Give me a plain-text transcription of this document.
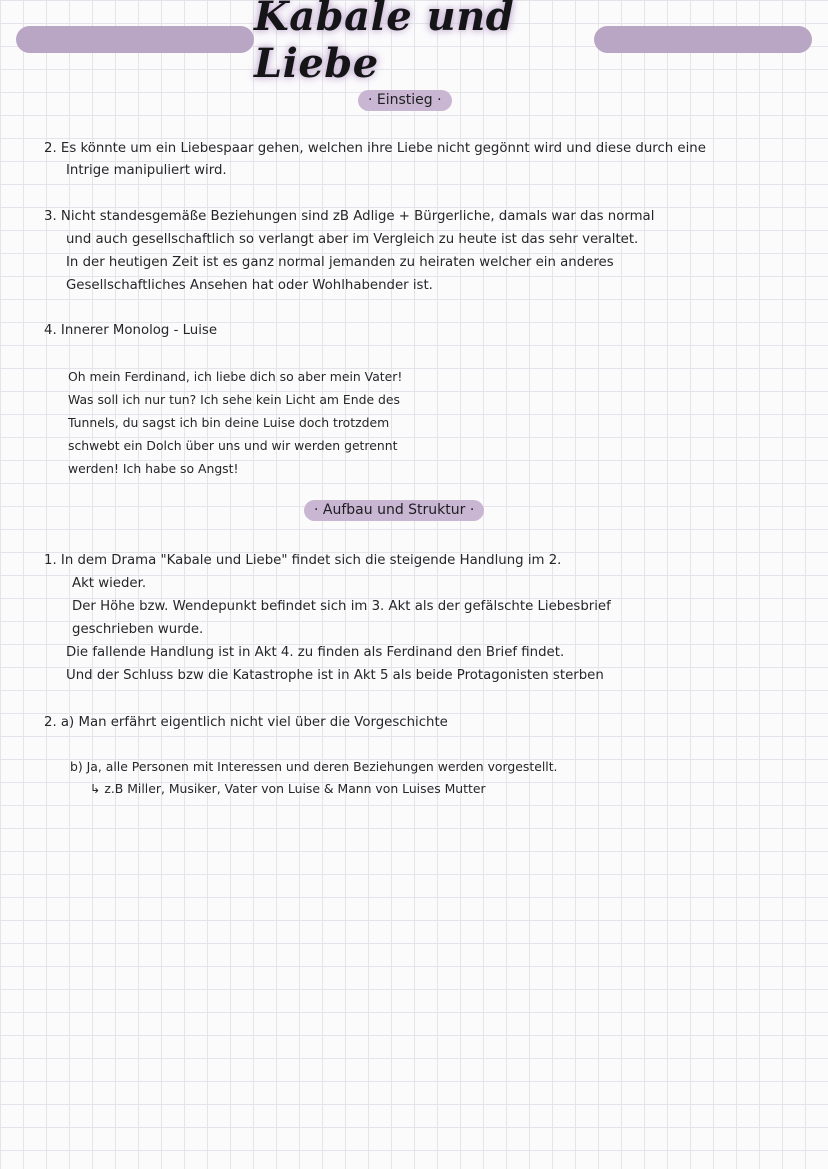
Kabale und Liebe
· Einstieg ·
2. Es könnte um ein Liebespaar gehen, welchen ihre Liebe nicht gegönnt wird und diese durch eine
Intrige manipuliert wird.
3. Nicht standesgemäße Beziehungen sind zB Adlige + Bürgerliche, damals war das normal
und auch gesellschaftlich so verlangt aber im Vergleich zu heute ist das sehr veraltet.
In der heutigen Zeit ist es ganz normal jemanden zu heiraten welcher ein anderes
Gesellschaftliches Ansehen hat oder Wohlhabender ist.
4. Innerer Monolog - Luise
Oh mein Ferdinand, ich liebe dich so aber mein Vater!
Was soll ich nur tun? Ich sehe kein Licht am Ende des
Tunnels, du sagst ich bin deine Luise doch trotzdem
schwebt ein Dolch über uns und wir werden getrennt
werden! Ich habe so Angst!
· Aufbau und Struktur ·
1. In dem Drama "Kabale und Liebe" findet sich die steigende Handlung im 2.
Akt wieder.
Der Höhe bzw. Wendepunkt befindet sich im 3. Akt als der gefälschte Liebesbrief
geschrieben wurde.
Die fallende Handlung ist in Akt 4. zu finden als Ferdinand den Brief findet.
Und der Schluss bzw die Katastrophe ist in Akt 5 als beide Protagonisten sterben
2. a) Man erfährt eigentlich nicht viel über die Vorgeschichte
b) Ja, alle Personen mit Interessen und deren Beziehungen werden vorgestellt.
↳ z.B Miller, Musiker, Vater von Luise & Mann von Luises Mutter
